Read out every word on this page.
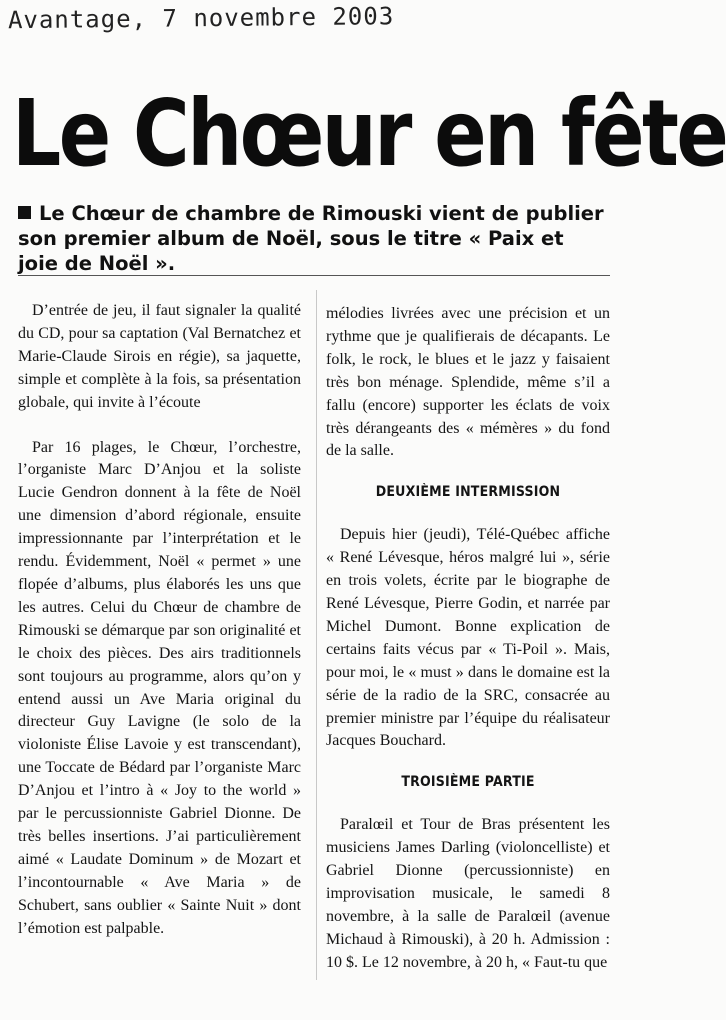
Avantage, 7 novembre 2003
Le Chœur en fête
Le Chœur de chambre de Rimouski vient de publier son premier album de Noël, sous le titre « Paix et joie de Noël ».

D’entrée de jeu, il faut signaler la qualité du CD, pour sa captation (Val Bernatchez et Marie-Claude Sirois en régie), sa jaquette, simple et complète à la fois, sa présentation globale, qui invite à l’écoute

Par 16 plages, le Chœur, l’orchestre, l’organiste Marc D’Anjou et la soliste Lucie Gendron donnent à la fête de Noël une dimension d’abord régionale, ensuite impressionnante par l’interprétation et le rendu. Évidemment, Noël « permet » une flopée d’albums, plus élaborés les uns que les autres. Celui du Chœur de chambre de Rimouski se démarque par son originalité et le choix des pièces. Des airs traditionnels sont toujours au programme, alors qu’on y entend aussi un Ave Maria original du directeur Guy Lavigne (le solo de la violoniste Élise Lavoie y est transcendant), une Toccate de Bédard par l’organiste Marc D’Anjou et l’intro à « Joy to the world » par le percussionniste Gabriel Dionne. De très belles insertions. J’ai particulièrement aimé « Laudate Dominum » de Mozart et l’incontournable « Ave Maria » de Schubert, sans oublier « Sainte Nuit » dont l’émotion est palpable.

mélodies livrées avec une précision et un rythme que je qualifierais de décapants. Le folk, le rock, le blues et le jazz y faisaient très bon ménage. Splendide, même s’il a fallu (encore) supporter les éclats de voix très dérangeants des « mémères » du fond de la salle.

DEUXIÈME INTERMISSION

Depuis hier (jeudi), Télé-Québec affiche « René Lévesque, héros malgré lui », série en trois volets, écrite par le biographe de René Lévesque, Pierre Godin, et narrée par Michel Dumont. Bonne explication de certains faits vécus par « Ti-Poil ». Mais, pour moi, le « must » dans le domaine est la série de la radio de la SRC, consacrée au premier ministre par l’équipe du réalisateur Jacques Bouchard.

TROISIÈME PARTIE

Paralœil et Tour de Bras présentent les musiciens James Darling (violoncelliste) et Gabriel Dionne (percussionniste) en improvisation musicale, le samedi 8 novembre, à la salle de Paralœil (avenue Michaud à Rimouski), à 20 h. Admission : 10 $. Le 12 novembre, à 20 h, « Faut-tu que
